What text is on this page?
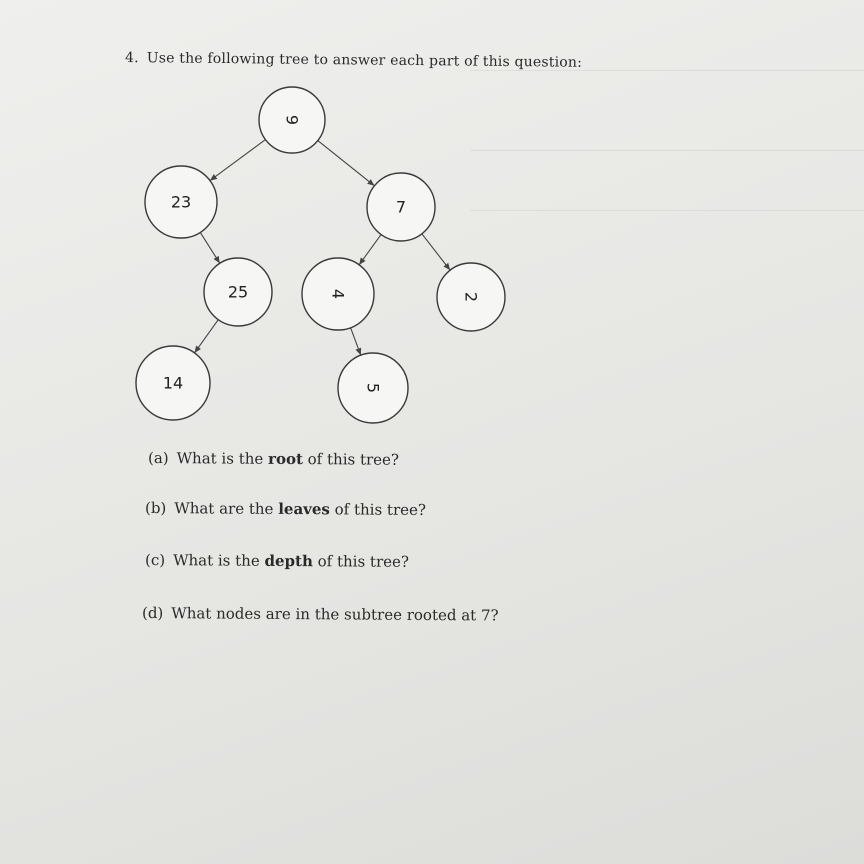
4. Use the following tree to answer each part of this question:
9
23	7
25	4	2
14	5
(a) What is the root of this tree?
(b) What are the leaves of this tree?
(c) What is the depth of this tree?
(d) What nodes are in the subtree rooted at 7?
